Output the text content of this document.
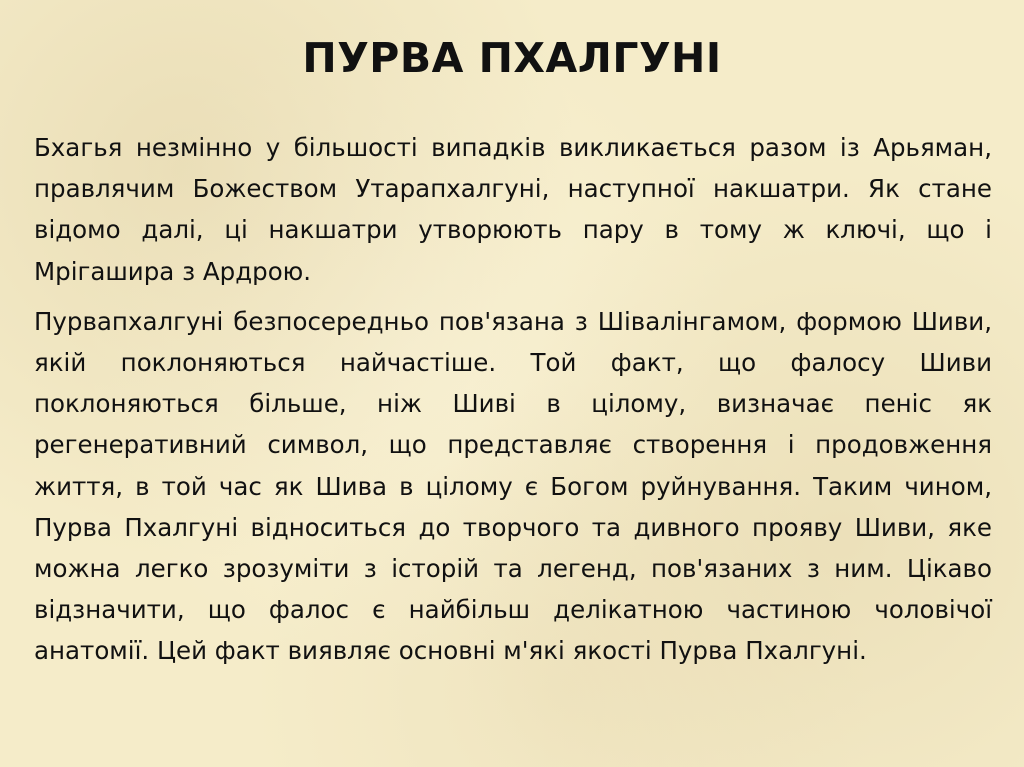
ПУРВА ПХАЛГУНІ

Бхагья незмінно у більшості випадків викликається разом із Арьяман, правлячим Божеством Утарапхалгуні, наступної накшатри. Як стане відомо далі, ці накшатри утворюють пару в тому ж ключі, що і Мрігашира з Ардрою.

Пурвапхалгуні безпосередньо пов'язана з Шівалінгамом, формою Шиви, якій поклоняються найчастіше. Той факт, що фалосу Шиви поклоняються більше, ніж Шиві в цілому, визначає пеніс як регенеративний символ, що представляє створення і продовження життя, в той час як Шива в цілому є Богом руйнування. Таким чином, Пурва Пхалгуні відноситься до творчого та дивного прояву Шиви, яке можна легко зрозуміти з історій та легенд, пов'язаних з ним. Цікаво відзначити, що фалос є найбільш делікатною частиною чоловічої анатомії. Цей факт виявляє основні м'які якості Пурва Пхалгуні.
